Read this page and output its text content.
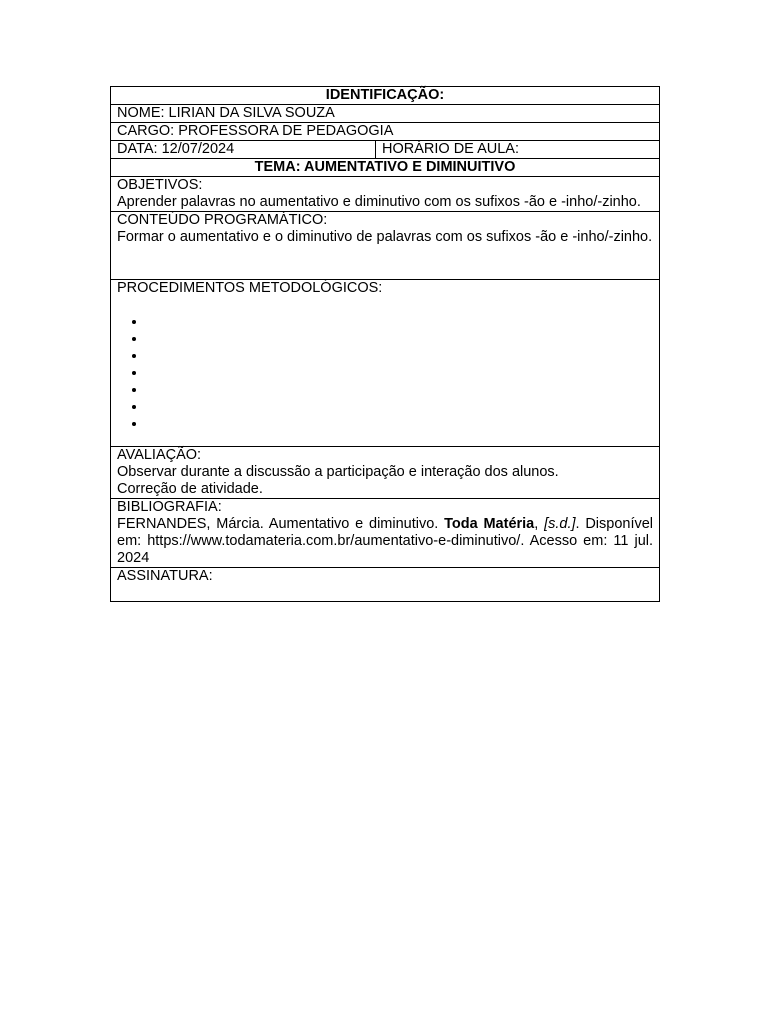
IDENTIFICAÇÃO:
NOME: LIRIAN DA SILVA SOUZA
CARGO: PROFESSORA DE PEDAGOGIA
DATA: 12/07/2024	HORÁRIO DE AULA:
TEMA: AUMENTATIVO E DIMINUITIVO

OBJETIVOS:
Aprender palavras no aumentativo e diminutivo com os sufixos -ão e -inho/-zinho.

CONTEÚDO PROGRAMÁTICO:
Formar o aumentativo e o diminutivo de palavras com os sufixos -ão e -inho/-zinho.

PROCEDIMENTOS METODOLÓGICOS:
•
•
•
•
•
•
•

AVALIAÇÃO:
Observar durante a discussão a participação e interação dos alunos.
Correção de atividade.

BIBLIOGRAFIA:
FERNANDES, Márcia. Aumentativo e diminutivo. Toda Matéria, [s.d.]. Disponível em: https://www.todamateria.com.br/aumentativo-e-diminutivo/. Acesso em: 11 jul. 2024

ASSINATURA:
